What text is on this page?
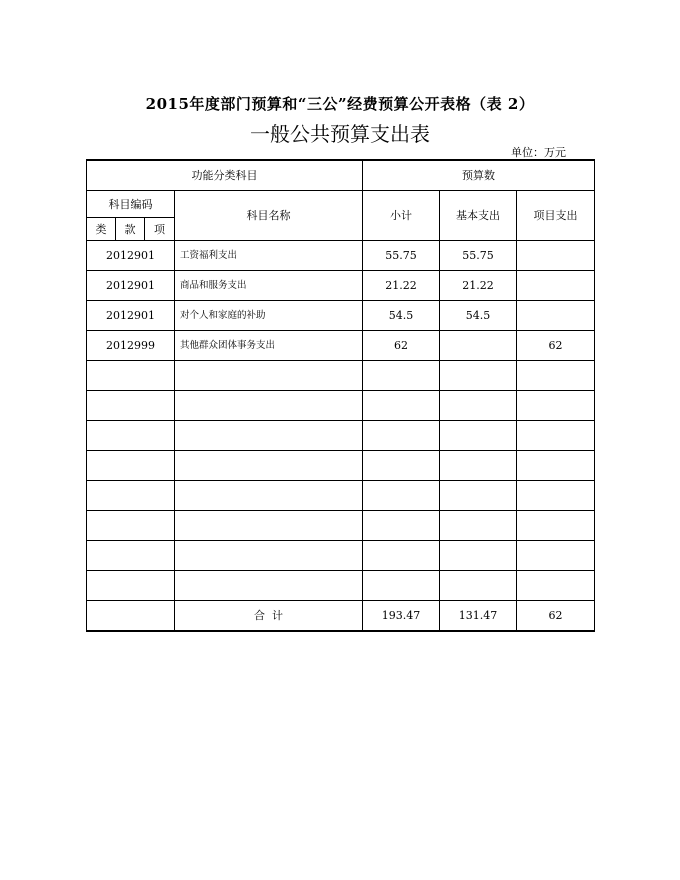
2015年度部门预算和“三公”经费预算公开表格（表 2）
一般公共预算支出表
单位：万元
功能分类科目				预算数		
科目编码			科目名称	小计	基本支出	项目支出
类	款	项				
2012901			工资福利支出	55.75	55.75	
2012901			商品和服务支出	21.22	21.22	
2012901			对个人和家庭的补助	54.5	54.5	
2012999			其他群众团体事务支出	62		62

			合  计	193.47	131.47	62
